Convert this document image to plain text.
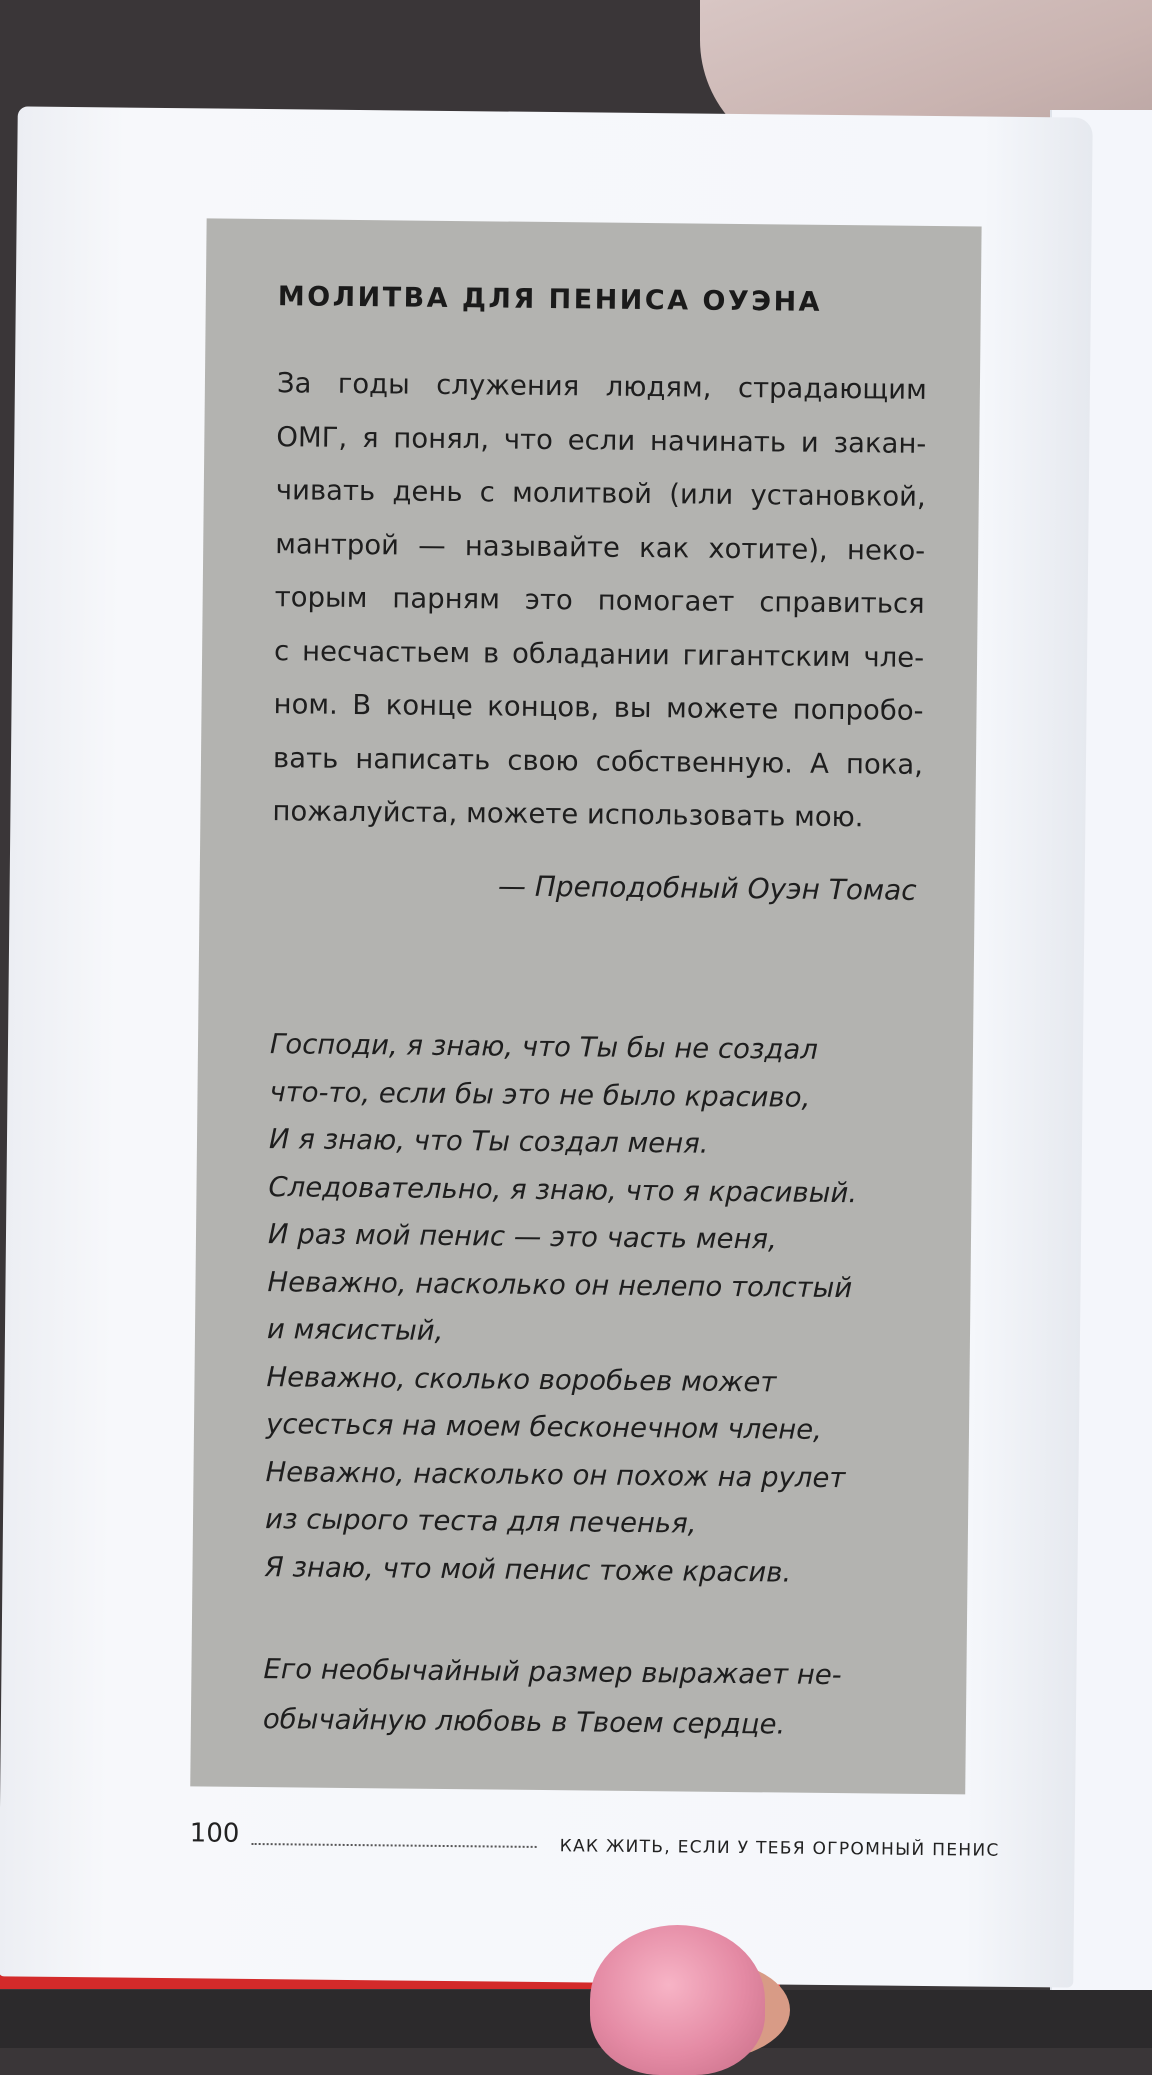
МОЛИТВА ДЛЯ ПЕНИСА ОУЭНА

За годы служения людям, страдающим
ОМГ, я понял, что если начинать и закан-
чивать день с молитвой (или установкой,
мантрой — называйте как хотите), неко-
торым парням это помогает справиться
с несчастьем в обладании гигантским чле-
ном. В конце концов, вы можете попробо-
вать написать свою собственную. А пока,
пожалуйста, можете использовать мою.

— Преподобный Оуэн Томас

Господи, я знаю, что Ты бы не создал
что-то, если бы это не было красиво,
И я знаю, что Ты создал меня.
Следовательно, я знаю, что я красивый.
И раз мой пенис — это часть меня,
Неважно, насколько он нелепо толстый
и мясистый,
Неважно, сколько воробьев может
усесться на моем бесконечном члене,
Неважно, насколько он похож на рулет
из сырого теста для печенья,
Я знаю, что мой пенис тоже красив.

Его необычайный размер выражает не-
обычайную любовь в Твоем сердце.

100	КАК ЖИТЬ, ЕСЛИ У ТЕБЯ ОГРОМНЫЙ ПЕНИС
